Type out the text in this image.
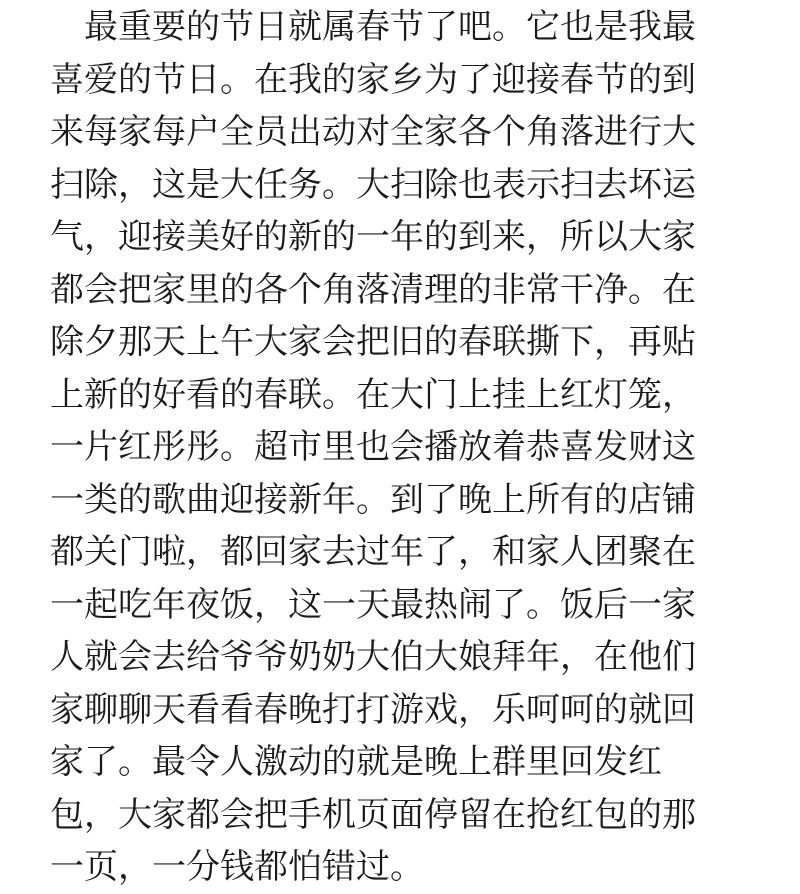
　最重要的节日就属春节了吧。它也是我最
喜爱的节日。在我的家乡为了迎接春节的到
来每家每户全员出动对全家各个角落进行大
扫除，这是大任务。大扫除也表示扫去坏运
气，迎接美好的新的一年的到来，所以大家
都会把家里的各个角落清理的非常干净。在
除夕那天上午大家会把旧的春联撕下，再贴
上新的好看的春联。在大门上挂上红灯笼，
一片红彤彤。超市里也会播放着恭喜发财这
一类的歌曲迎接新年。到了晚上所有的店铺
都关门啦，都回家去过年了，和家人团聚在
一起吃年夜饭，这一天最热闹了。饭后一家
人就会去给爷爷奶奶大伯大娘拜年，在他们
家聊聊天看看春晚打打游戏，乐呵呵的就回
家了。最令人激动的就是晚上群里回发红
包，大家都会把手机页面停留在抢红包的那
一页，一分钱都怕错过。
